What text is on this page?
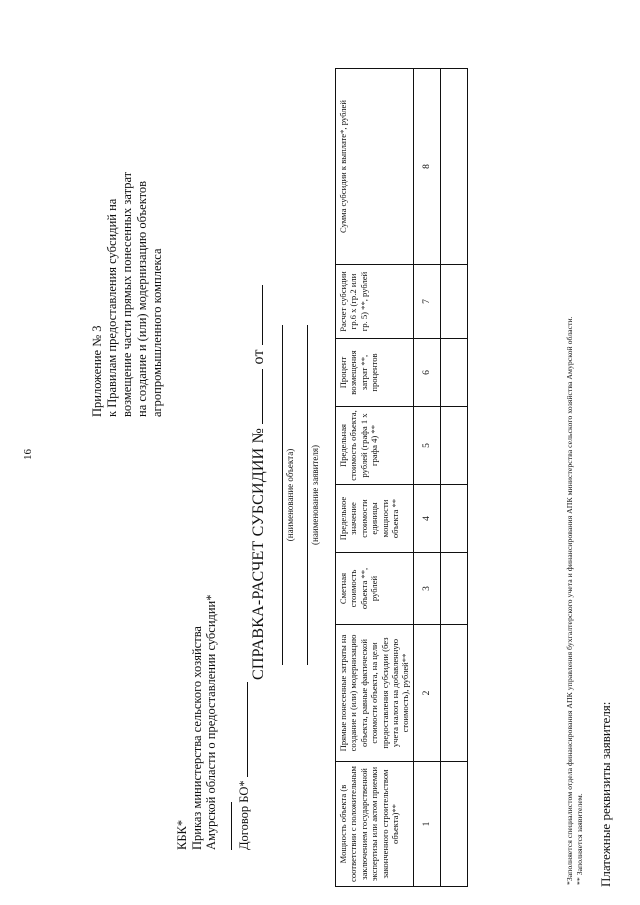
16
Приложение № 3 к Правилам предоставления субсидий на возмещение части прямых понесенных затрат на создание и (или) модернизацию объектов агропромышленного комплекса
КБК* Приказ министерства сельского хозяйства Амурской области о предоставлении субсидии*	Договор БО*
СПРАВКА-РАСЧЕТ СУБСИДИИ №  от
(наименование объекта) (наименование заявителя)
Мощность объекта (в соответствии с положительным заключением государственной экспертизы или актом приемки законченного строительством объекта)**	Прямые понесенные затраты на создание и (или) модернизацию объекта, равные фактической стоимости объекта, на цели предоставления субсидии (без учета налога на добавленную стоимость), рублей**	Сметная стоимость объекта **, рублей	Предельное значение стоимости единицы мощности объекта **	Предельная стоимость объекта, рублей (графа 1 х графа 4) **	Процент возмещения затрат **, процентов	Расчет субсидии гр.6 х (гр.2 или гр. 5) **, рублей	Сумма субсидии к выплате*, рублей
1	2	3	4	5	6	7	8

*Заполняется специалистом отдела финансирования АПК управления бухгалтерского учета и финансирования АПК министерства сельского хозяйства Амурской области. ** Заполняется заявителем. Платежные реквизиты заявителя:
